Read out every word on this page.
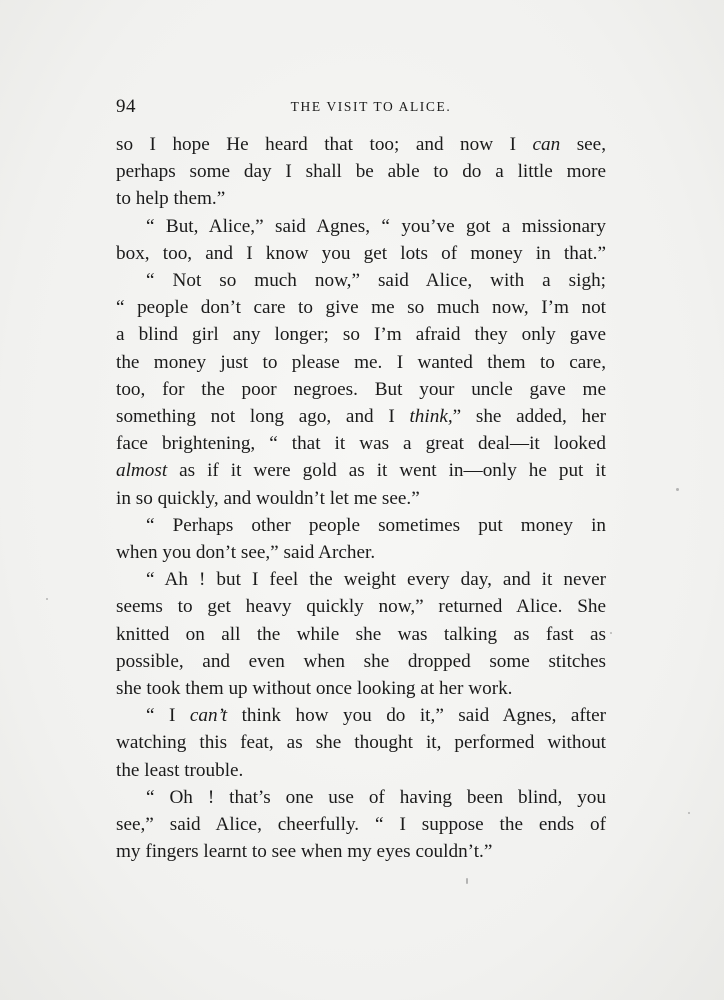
94	THE VISIT TO ALICE.
so I hope He heard that too; and now I can see,
perhaps some day I shall be able to do a little more
to help them.”
“ But, Alice,” said Agnes, “ you’ve got a missionary
box, too, and I know you get lots of money in that.”
“ Not so much now,” said Alice, with a sigh;
“ people don’t care to give me so much now, I’m not
a blind girl any longer; so I’m afraid they only gave
the money just to please me. I wanted them to care,
too, for the poor negroes. But your uncle gave me
something not long ago, and I think,” she added, her
face brightening, “ that it was a great deal—it looked
almost as if it were gold as it went in—only he put it
in so quickly, and wouldn’t let me see.”
“ Perhaps other people sometimes put money in
when you don’t see,” said Archer.
“ Ah ! but I feel the weight every day, and it never
seems to get heavy quickly now,” returned Alice. She
knitted on all the while she was talking as fast as
possible, and even when she dropped some stitches
she took them up without once looking at her work.
“ I can’t think how you do it,” said Agnes, after
watching this feat, as she thought it, performed without
the least trouble.
“ Oh ! that’s one use of having been blind, you
see,” said Alice, cheerfully. “ I suppose the ends of
my fingers learnt to see when my eyes couldn’t.”
